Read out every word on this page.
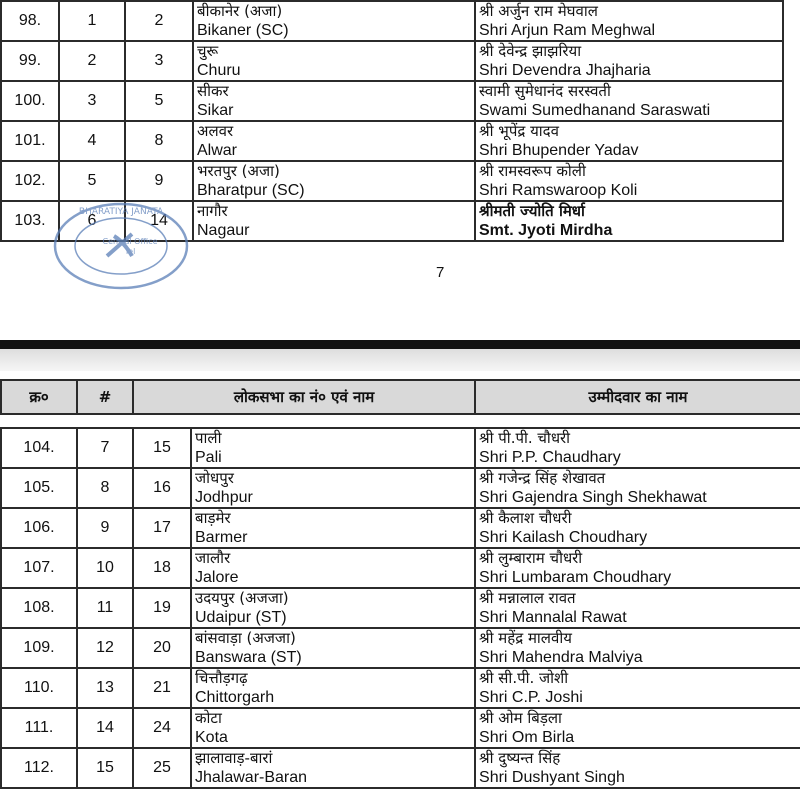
98.	1	2	बीकानेर (अजा)
Bikaner (SC)	श्री अर्जुन राम मेघवाल
Shri Arjun Ram Meghwal

99.	2	3	चुरू
Churu	श्री देवेन्द्र झाझरिया
Shri Devendra Jhajharia

100.	3	5	सीकर
Sikar	स्वामी सुमेधानंद सरस्वती
Swami Sumedhanand Saraswati

101.	4	8	अलवर
Alwar	श्री भूपेंद्र यादव
Shri Bhupender Yadav

102.	5	9	भरतपुर (अजा)
Bharatpur (SC)	श्री रामस्वरूप कोली
Shri Ramswaroop Koli

103.	6	14	नागौर
Nagaur	श्रीमती ज्योति मिर्धा
Smt. Jyoti Mirdha
7
BHARATIYA JANATA
Central Office
Tel
क्र०	#	लोकसभा का नं० एवं नाम		उम्मीदवार का नाम

104.	7	15	पाली
Pali	श्री पी.पी. चौधरी
Shri P.P. Chaudhary

105.	8	16	जोधपुर
Jodhpur	श्री गजेन्द्र सिंह शेखावत
Shri Gajendra Singh Shekhawat

106.	9	17	बाड़मेर
Barmer	श्री कैलाश चौधरी
Shri Kailash Choudhary

107.	10	18	जालौर
Jalore	श्री लुम्बाराम चौधरी
Shri Lumbaram Choudhary

108.	11	19	उदयपुर (अजजा)
Udaipur (ST)	श्री मन्नालाल रावत
Shri Mannalal Rawat

109.	12	20	बांसवाड़ा (अजजा)
Banswara (ST)	श्री महेंद्र मालवीय
Shri Mahendra Malviya

110.	13	21	चित्तौड़गढ़
Chittorgarh	श्री सी.पी. जोशी
Shri C.P. Joshi

111.	14	24	कोटा
Kota	श्री ओम बिड़ला
Shri Om Birla

112.	15	25	झालावाड़-बारां
Jhalawar-Baran	श्री दुष्यन्त सिंह
Shri Dushyant Singh
